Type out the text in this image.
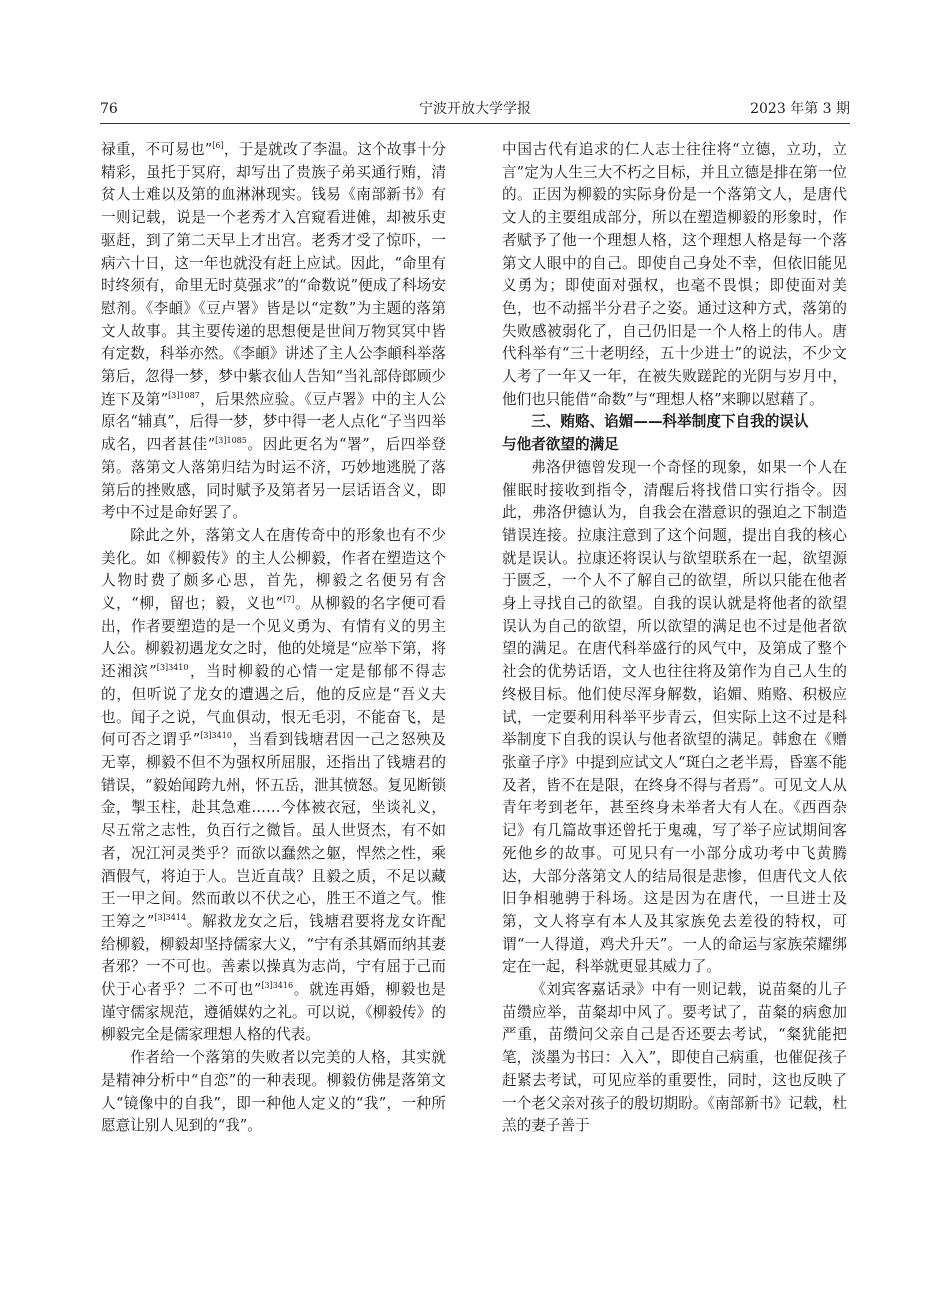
76	宁波开放大学学报	2023 年第 3 期

禄重，不可易也”[6]，于是就改了李温。这个故事十分精彩，虽托于冥府，却写出了贵族子弟买通行贿，清贫人士难以及第的血淋淋现实。钱易《南部新书》有一则记载，说是一个老秀才入宫窥看进傩，却被乐吏驱赶，到了第二天早上才出宫。老秀才受了惊吓，一病六十日，这一年也就没有赶上应试。因此，“命里有时终须有，命里无时莫强求”的“命数说”便成了科场安慰剂。《李頔》《豆卢署》皆是以“定数”为主题的落第文人故事。其主要传递的思想便是世间万物冥冥中皆有定数，科举亦然。《李頔》讲述了主人公李頔科举落第后，忽得一梦，梦中紫衣仙人告知“当礼部侍郎顾少连下及第”$^{[3]1087}$，后果然应验。《豆卢署》中的主人公原名“辅真”，后得一梦，梦中得一老人点化“子当四举成名，四者甚佳”$^{[3]1085}$。因此更名为“署”，后四举登第。落第文人落第归结为时运不济，巧妙地逃脱了落第后的挫败感，同时赋予及第者另一层话语含义，即考中不过是命好罢了。

除此之外，落第文人在唐传奇中的形象也有不少美化。如《柳毅传》的主人公柳毅，作者在塑造这个人物时费了颇多心思，首先，柳毅之名便另有含义，“柳，留也；毅，义也”[7]。从柳毅的名字便可看出，作者要塑造的是一个见义勇为、有情有义的男主人公。柳毅初遇龙女之时，他的处境是“应举下第，将还湘滨”$^{[3]3410}$，当时柳毅的心情一定是郁郁不得志的，但听说了龙女的遭遇之后，他的反应是“吾义夫也。闻子之说，气血俱动，恨无毛羽，不能奋飞，是何可否之谓乎”$^{[3]3410}$，当看到钱塘君因一己之怒殃及无辜，柳毅不但不为强权所屈服，还指出了钱塘君的错误，“毅始闻跨九州，怀五岳，泄其愤怒。复见断锁金，掣玉柱，赴其急难……今体被衣冠，坐谈礼义，尽五常之志性，负百行之微旨。虽人世贤杰，有不如者，况江河灵类乎？而欲以蠢然之躯，悍然之性，乘酒假气，将迫于人。岂近直哉？且毅之质，不足以藏王一甲之间。然而敢以不伏之心，胜王不道之气。惟王筹之”$^{[3]3414}$。解救龙女之后，钱塘君要将龙女许配给柳毅，柳毅却坚持儒家大义，“宁有杀其婿而纳其妻者邪？一不可也。善素以操真为志尚，宁有屈于己而伏于心者乎？二不可也”$^{[3]3416}$。就连再婚，柳毅也是谨守儒家规范，遵循媒妁之礼。可以说，《柳毅传》的柳毅完全是儒家理想人格的代表。

作者给一个落第的失败者以完美的人格，其实就是精神分析中“自恋”的一种表现。柳毅仿佛是落第文人“镜像中的自我”，即一种他人定义的“我”，一种所愿意让别人见到的“我”。

中国古代有追求的仁人志士往往将“立德，立功，立言”定为人生三大不朽之目标，并且立德是排在第一位的。正因为柳毅的实际身份是一个落第文人，是唐代文人的主要组成部分，所以在塑造柳毅的形象时，作者赋予了他一个理想人格，这个理想人格是每一个落第文人眼中的自己。即使自己身处不幸，但依旧能见义勇为；即使面对强权，也毫不畏惧；即使面对美色，也不动摇半分君子之姿。通过这种方式，落第的失败感被弱化了，自己仍旧是一个人格上的伟人。唐代科举有“三十老明经，五十少进士”的说法，不少文人考了一年又一年，在被失败蹉跎的光阴与岁月中，他们也只能借“命数”与“理想人格”来聊以慰藉了。

三、贿赂、谄媚——科举制度下自我的误认
与他者欲望的满足

弗洛伊德曾发现一个奇怪的现象，如果一个人在催眠时接收到指令，清醒后将找借口实行指令。因此，弗洛伊德认为，自我会在潜意识的强迫之下制造错误连接。拉康注意到了这个问题，提出自我的核心就是误认。拉康还将误认与欲望联系在一起，欲望源于匮乏，一个人不了解自己的欲望，所以只能在他者身上寻找自己的欲望。自我的误认就是将他者的欲望误认为自己的欲望，所以欲望的满足也不过是他者欲望的满足。在唐代科举盛行的风气中，及第成了整个社会的优势话语，文人也往往将及第作为自己人生的终极目标。他们使尽浑身解数，谄媚、贿赂、积极应试，一定要利用科举平步青云，但实际上这不过是科举制度下自我的误认与他者欲望的满足。韩愈在《赠张童子序》中提到应试文人“斑白之老半焉，昏塞不能及者，皆不在是限，在终身不得与者焉”。可见文人从青年考到老年，甚至终身未举者大有人在。《西酉杂记》有几篇故事还曾托于鬼魂，写了举子应试期间客死他乡的故事。可见只有一小部分成功考中飞黄腾达，大部分落第文人的结局很是悲惨，但唐代文人依旧争相驰骋于科场。这是因为在唐代，一旦进士及第，文人将享有本人及其家族免去差役的特权，可谓“一人得道，鸡犬升天”。一人的命运与家族荣耀绑定在一起，科举就更显其威力了。

《刘宾客嘉话录》中有一则记载，说苗粲的儿子苗缵应举，苗粲却中风了。要考试了，苗粲的病愈加严重，苗缵问父亲自己是否还要去考试，“粲犹能把笔，淡墨为书曰：入入”，即使自己病重，也催促孩子赶紧去考试，可见应举的重要性，同时，这也反映了一个老父亲对孩子的殷切期盼。《南部新书》记载，杜羔的妻子善于
